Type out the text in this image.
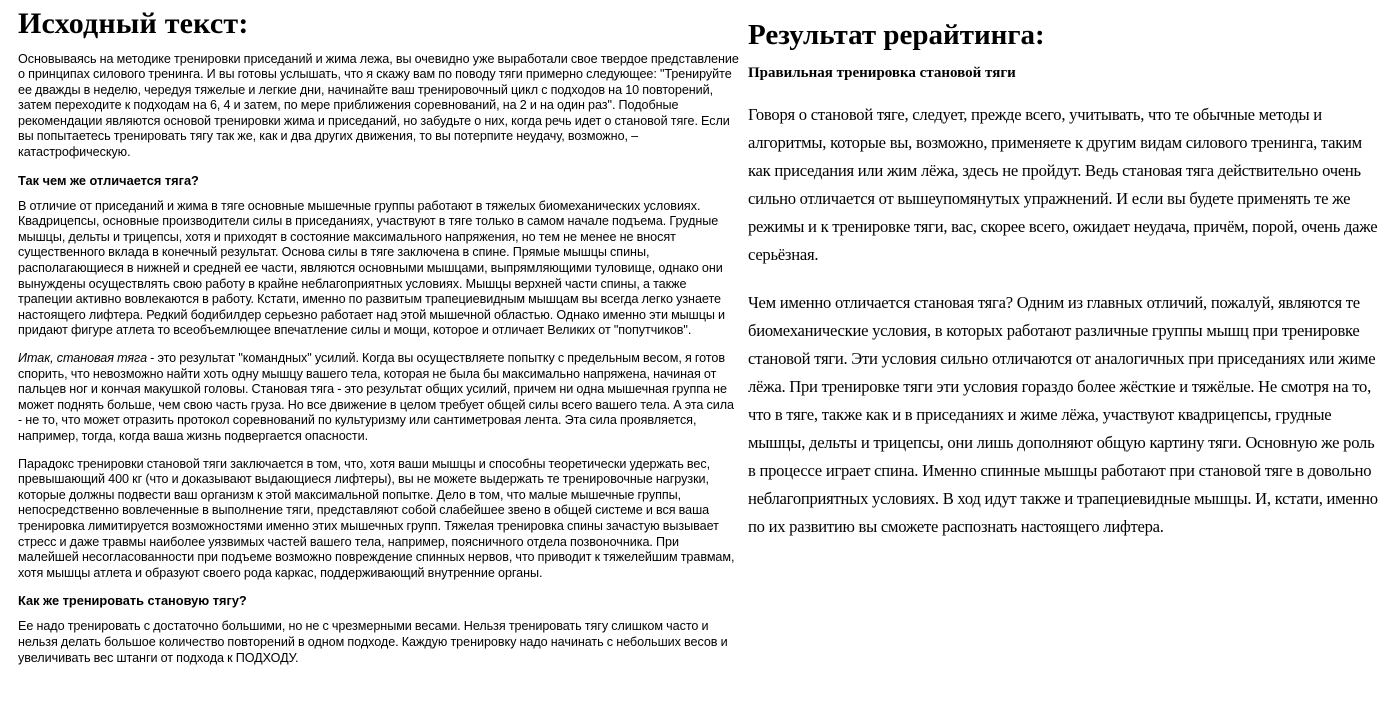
Исходный текст:

Основываясь на методике тренировки приседаний и жима лежа, вы очевидно уже выработали свое твердое представление о принципах силового тренинга. И вы готовы услышать, что я скажу вам по поводу тяги примерно следующее: "Тренируйте ее дважды в неделю, чередуя тяжелые и легкие дни, начинайте ваш тренировочный цикл с подходов на 10 повторений, затем переходите к подходам на 6, 4 и затем, по мере приближения соревнований, на 2 и на один раз". Подобные рекомендации являются основой тренировки жима и приседаний, но забудьте о них, когда речь идет о становой тяге. Если вы попытаетесь тренировать тягу так же, как и два других движения, то вы потерпите неудачу, возможно, – катастрофическую.

Так чем же отличается тяга?

В отличие от приседаний и жима в тяге основные мышечные группы работают в тяжелых биомеханических условиях. Квадрицепсы, основные производители силы в приседаниях, участвуют в тяге только в самом начале подъема. Грудные мышцы, дельты и трицепсы, хотя и приходят в состояние максимального напряжения, но тем не менее не вносят существенного вклада в конечный результат. Основа силы в тяге заключена в спине. Прямые мышцы спины, располагающиеся в нижней и средней ее части, являются основными мышцами, выпрямляющими туловище, однако они вынуждены осуществлять свою работу в крайне неблагоприятных условиях. Мышцы верхней части спины, а также трапеции активно вовлекаются в работу. Кстати, именно по развитым трапециевидным мышцам вы всегда легко узнаете настоящего лифтера. Редкий бодибилдер серьезно работает над этой мышечной областью. Однако именно эти мышцы и придают фигуре атлета то всеобъемлющее впечатление силы и мощи, которое и отличает Великих от "попутчиков".

Итак, становая тяга - это результат "командных" усилий. Когда вы осуществляете попытку с предельным весом, я готов спорить, что невозможно найти хоть одну мышцу вашего тела, которая не была бы максимально напряжена, начиная от пальцев ног и кончая макушкой головы. Становая тяга - это результат общих усилий, причем ни одна мышечная группа не может поднять больше, чем свою часть груза. Но все движение в целом требует общей силы всего вашего тела. А эта сила - не то, что может отразить протокол соревнований по культуризму или сантиметровая лента. Эта сила проявляется, например, тогда, когда ваша жизнь подвергается опасности.

Парадокс тренировки становой тяги заключается в том, что, хотя ваши мышцы и способны теоретически удержать вес, превышающий 400 кг (что и доказывают выдающиеся лифтеры), вы не можете выдержать те тренировочные нагрузки, которые должны подвести ваш организм к этой максимальной попытке. Дело в том, что малые мышечные группы, непосредственно вовлеченные в выполнение тяги, представляют собой слабейшее звено в общей системе и вся ваша тренировка лимитируется возможностями именно этих мышечных групп. Тяжелая тренировка спины зачастую вызывает стресс и даже травмы наиболее уязвимых частей вашего тела, например, поясничного отдела позвоночника. При малейшей несогласованности при подъеме возможно повреждение спинных нервов, что приводит к тяжелейшим травмам, хотя мышцы атлета и образуют своего рода каркас, поддерживающий внутренние органы.

Как же тренировать становую тягу?

Ее надо тренировать с достаточно большими, но не с чрезмерными весами. Нельзя тренировать тягу слишком часто и нельзя делать большое количество повторений в одном подходе. Каждую тренировку надо начинать с небольших весов и увеличивать вес штанги от подхода к ПОДХОДУ.

Результат рерайтинга:
Правильная тренировка становой тяги

Говоря о становой тяге, следует, прежде всего, учитывать, что те обычные методы и алгоритмы, которые вы, возможно, применяете к другим видам силового тренинга, таким как приседания или жим лёжа, здесь не пройдут. Ведь становая тяга действительно очень сильно отличается от вышеупомянутых упражнений. И если вы будете применять те же режимы и к тренировке тяги, вас, скорее всего, ожидает неудача, причём, порой, очень даже серьёзная.

Чем именно отличается становая тяга? Одним из главных отличий, пожалуй, являются те биомеханические условия, в которых работают различные группы мышц при тренировке становой тяги. Эти условия сильно отличаются от аналогичных при приседаниях или жиме лёжа. При тренировке тяги эти условия гораздо более жёсткие и тяжёлые. Не смотря на то, что в тяге, также как и в приседаниях и жиме лёжа, участвуют квадрицепсы, грудные мышцы, дельты и трицепсы, они лишь дополняют общую картину тяги. Основную же роль в процессе играет спина. Именно спинные мышцы работают при становой тяге в довольно неблагоприятных условиях. В ход идут также и трапециевидные мышцы. И, кстати, именно по их развитию вы сможете распознать настоящего лифтера.
